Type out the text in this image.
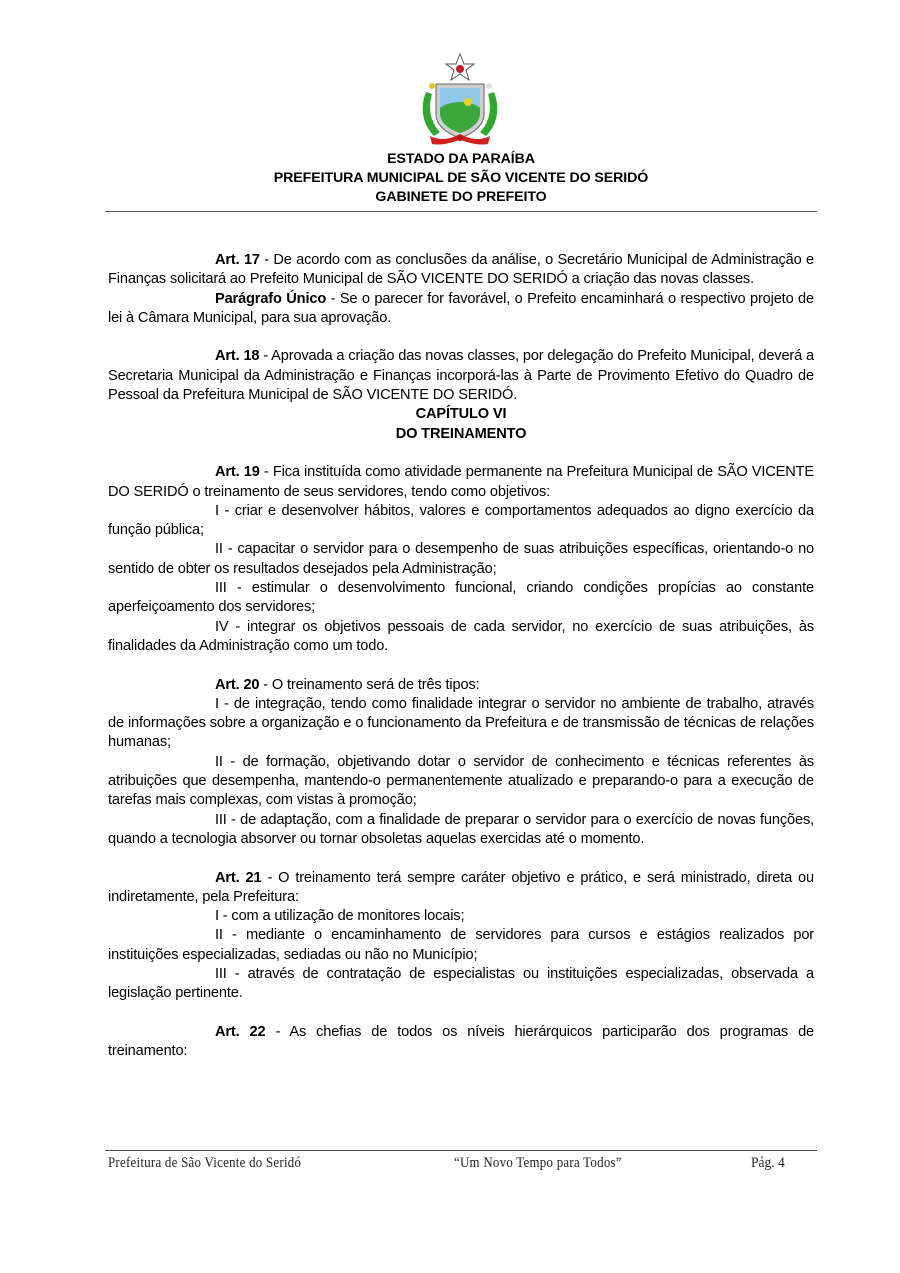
ESTADO DA PARAÍBA
PREFEITURA MUNICIPAL DE SÃO VICENTE DO SERIDÓ
GABINETE DO PREFEITO

Art. 17 - De acordo com as conclusões da análise, o Secretário Municipal de Administração e Finanças solicitará ao Prefeito Municipal de SÃO VICENTE DO SERIDÓ a criação das novas classes.

Parágrafo Único - Se o parecer for favorável, o Prefeito encaminhará o respectivo projeto de lei à Câmara Municipal, para sua aprovação.

Art. 18 - Aprovada a criação das novas classes, por delegação do Prefeito Municipal, deverá a Secretaria Municipal da Administração e Finanças incorporá-las à Parte de Provimento Efetivo do Quadro de Pessoal da Prefeitura Municipal de SÃO VICENTE DO SERIDÓ.

CAPÍTULO VI

DO TREINAMENTO

Art. 19 - Fica instituída como atividade permanente na Prefeitura Municipal de SÃO VICENTE DO SERIDÓ o treinamento de seus servidores, tendo como objetivos:

I - criar e desenvolver hábitos, valores e comportamentos adequados ao digno exercício da função pública;

II - capacitar o servidor para o desempenho de suas atribuições específicas, orientando-o no sentido de obter os resultados desejados pela Administração;

III - estimular o desenvolvimento funcional, criando condições propícias ao constante aperfeiçoamento dos servidores;

IV - integrar os objetivos pessoais de cada servidor, no exercício de suas atribuições, às finalidades da Administração como um todo.

Art. 20 - O treinamento será de três tipos:

I - de integração, tendo como finalidade integrar o servidor no ambiente de trabalho, através de informações sobre a organização e o funcionamento da Prefeitura e de transmissão de técnicas de relações humanas;

II - de formação, objetivando dotar o servidor de conhecimento e técnicas referentes às atribuições que desempenha, mantendo-o permanentemente atualizado e preparando-o para a execução de tarefas mais complexas, com vistas à promoção;

III - de adaptação, com a finalidade de preparar o servidor para o exercício de novas funções, quando a tecnologia absorver ou tornar obsoletas aquelas exercidas até o momento.

Art. 21 - O treinamento terá sempre caráter objetivo e prático, e será ministrado, direta ou indiretamente, pela Prefeitura:

I - com a utilização de monitores locais;

II - mediante o encaminhamento de servidores para cursos e estágios realizados por instituições especializadas, sediadas ou não no Município;

III - através de contratação de especialistas ou instituições especializadas, observada a legislação pertinente.

Art. 22 - As chefias de todos os níveis hierárquicos participarão dos programas de treinamento:

Prefeitura de São Vicente do Seridó	“Um Novo Tempo para Todos”	Pág. 4
